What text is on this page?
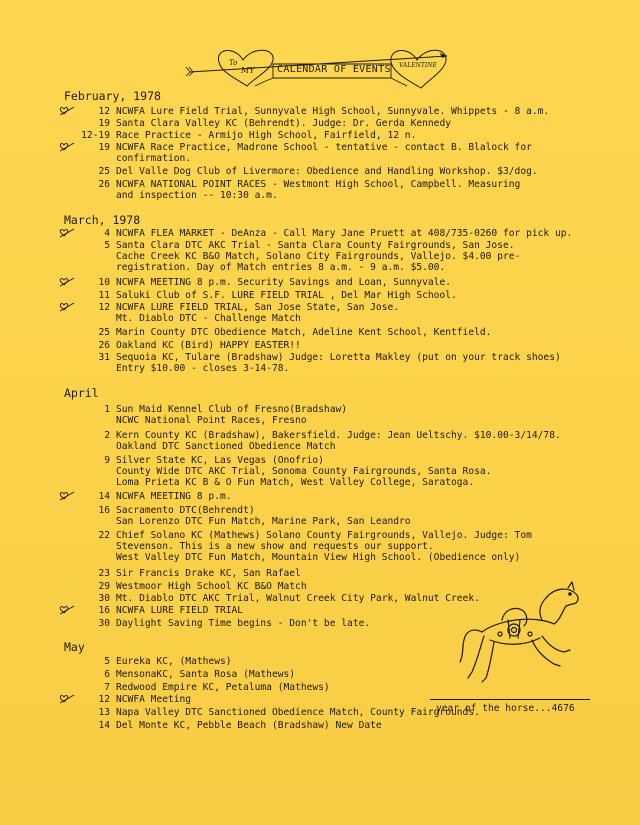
To
MY
VALENTINE
CALENDAR OF EVENTS
February, 1978
March, 1978
April
May
12 NCWFA Lure Field Trial, Sunnyvale High School, Sunnyvale. Whippets - 8 a.m.
19 Santa Clara Valley KC (Behrendt). Judge: Dr. Gerda Kennedy
12-19 Race Practice - Armijo High School, Fairfield, 12 n.
19 NCWFA Race Practice, Madrone School - tentative - contact B. Blalock for
confirmation.
25 Del Valle Dog Club of Livermore: Obedience and Handling Workshop. $3/dog.
26 NCWFA NATIONAL POINT RACES - Westmont High School, Campbell. Measuring
and inspection -- 10:30 a.m.
4 NCWFA FLEA MARKET - DeAnza - Call Mary Jane Pruett at 408/735-0260 for pick up.
5 Santa Clara DTC AKC Trial - Santa Clara County Fairgrounds, San Jose.
Cache Creek KC B&O Match, Solano City Fairgrounds, Vallejo. $4.00 pre-
registration. Day of Match entries 8 a.m. - 9 a.m. $5.00.
10 NCWFA MEETING 8 p.m. Security Savings and Loan, Sunnyvale.
11 Saluki Club of S.F. LURE FIELD TRIAL , Del Mar High School.
12 NCWFA LURE FIELD TRIAL, San Jose State, San Jose.
Mt. Diablo DTC - Challenge Match
25 Marin County DTC Obedience Match, Adeline Kent School, Kentfield.
26 Oakland KC (Bird) HAPPY EASTER!!
31 Sequoia KC, Tulare (Bradshaw) Judge: Loretta Makley (put on your track shoes)
Entry $10.00 - closes 3-14-78.
1 Sun Maid Kennel Club of Fresno(Bradshaw)
NCWC National Point Races, Fresno
2 Kern County KC (Bradshaw), Bakersfield. Judge: Jean Ueltschy. $10.00-3/14/78.
Oakland DTC Sanctioned Obedience Match
9 Silver State KC, Las Vegas (Onofrio)
County Wide DTC AKC Trial, Sonoma County Fairgrounds, Santa Rosa.
Loma Prieta KC B & O Fun Match, West Valley College, Saratoga.
14 NCWFA MEETING 8 p.m.
16 Sacramento DTC(Behrendt)
San Lorenzo DTC Fun Match, Marine Park, San Leandro
22 Chief Solano KC (Mathews) Solano County Fairgrounds, Vallejo. Judge: Tom
Stevenson. This is a new show and requests our support.
West Valley DTC Fun Match, Mountain View High School. (Obedience only)
23 Sir Francis Drake KC, San Rafael
29 Westmoor High School KC B&O Match
30 Mt. Diablo DTC AKC Trial, Walnut Creek City Park, Walnut Creek.
16 NCWFA LURE FIELD TRIAL
30 Daylight Saving Time begins - Don't be late.
5 Eureka KC, (Mathews)
6 MensonaKC, Santa Rosa (Mathews)
7 Redwood Empire KC, Petaluma (Mathews)
12 NCWFA Meeting
13 Napa Valley DTC Sanctioned Obedience Match, County Fairgrounds.
14 Del Monte KC, Pebble Beach (Bradshaw) New Date
year of the horse...4676
